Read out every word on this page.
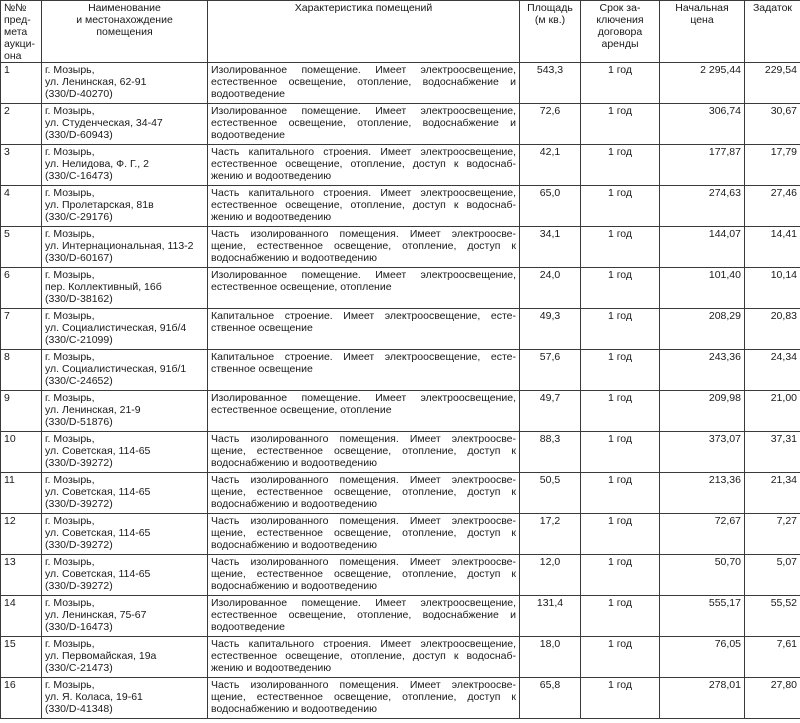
№№
пред-
мета
аукци-
она	Наименование
и местонахождение
помещения	Характеристика помещений	Площадь
(м кв.)	Срок за-
ключения
договора
аренды	Начальная
цена	Задаток

1	г. Мозырь,
ул. Ленинская, 62-91
(330/D-40270)	Изолированное помещение. Имеет электроосвещение, естественное освещение, отопление, водоснабжение и водоотведение	543,3	1 год	2 295,44	229,54
2	г. Мозырь,
ул. Студенческая, 34-47
(330/D-60943)	Изолированное помещение. Имеет электроосвещение, естественное освещение, отопление, водоснабжение и водоотведение	72,6	1 год	306,74	30,67
3	г. Мозырь,
ул. Нелидова, Ф. Г., 2
(330/C-16473)	Часть капитального строения. Имеет электроосвещение, естественное освещение, отопление, доступ к водоснаб-жению и водоотведению	42,1	1 год	177,87	17,79
4	г. Мозырь,
ул. Пролетарская, 81в
(330/C-29176)	Часть капитального строения. Имеет электроосвещение, естественное освещение, отопление, доступ к водоснаб-жению и водоотведению	65,0	1 год	274,63	27,46
5	г. Мозырь,
ул. Интернациональная, 113-2
(330/D-60167)	Часть изолированного помещения. Имеет электроосве-щение, естественное освещение, отопление, доступ к водоснабжению и водоотведению	34,1	1 год	144,07	14,41
6	г. Мозырь,
пер. Коллективный, 16б
(330/D-38162)	Изолированное помещение. Имеет электроосвещение, естественное освещение, отопление	24,0	1 год	101,40	10,14
7	г. Мозырь,
ул. Социалистическая, 91б/4
(330/C-21099)	Капитальное строение. Имеет электроосвещение, есте-ственное освещение	49,3	1 год	208,29	20,83
8	г. Мозырь,
ул. Социалистическая, 91б/1
(330/C-24652)	Капитальное строение. Имеет электроосвещение, есте-ственное освещение	57,6	1 год	243,36	24,34
9	г. Мозырь,
ул. Ленинская, 21-9
(330/D-51876)	Изолированное помещение. Имеет электроосвещение, естественное освещение, отопление	49,7	1 год	209,98	21,00
10	г. Мозырь,
ул. Советская, 114-65
(330/D-39272)	Часть изолированного помещения. Имеет электроосве-щение, естественное освещение, отопление, доступ к водоснабжению и водоотведению	88,3	1 год	373,07	37,31
11	г. Мозырь,
ул. Советская, 114-65
(330/D-39272)	Часть изолированного помещения. Имеет электроосве-щение, естественное освещение, отопление, доступ к водоснабжению и водоотведению	50,5	1 год	213,36	21,34
12	г. Мозырь,
ул. Советская, 114-65
(330/D-39272)	Часть изолированного помещения. Имеет электроосве-щение, естественное освещение, отопление, доступ к водоснабжению и водоотведению	17,2	1 год	72,67	7,27
13	г. Мозырь,
ул. Советская, 114-65
(330/D-39272)	Часть изолированного помещения. Имеет электроосве-щение, естественное освещение, отопление, доступ к водоснабжению и водоотведению	12,0	1 год	50,70	5,07
14	г. Мозырь,
ул. Ленинская, 75-67
(330/D-16473)	Изолированное помещение. Имеет электроосвещение, естественное освещение, отопление, водоснабжение и водоотведение	131,4	1 год	555,17	55,52
15	г. Мозырь,
ул. Первомайская, 19а
(330/C-21473)	Часть капитального строения. Имеет электроосвещение, естественное освещение, отопление, доступ к водоснаб-жению и водоотведению	18,0	1 год	76,05	7,61
16	г. Мозырь,
ул. Я. Коласа, 19-61
(330/D-41348)	Часть изолированного помещения. Имеет электроосве-щение, естественное освещение, отопление, доступ к водоснабжению и водоотведению	65,8	1 год	278,01	27,80
